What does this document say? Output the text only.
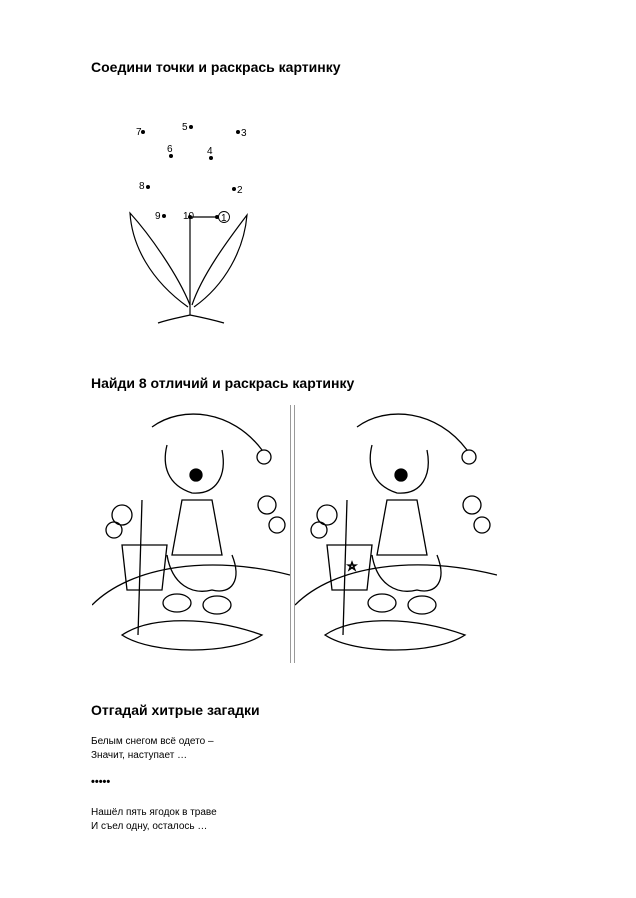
Соедини точки и раскрась картинку
1
2
3
4
5
6
7
8
9 10
Найди 8 отличий и раскрась картинку
Отгадай хитрые загадки
Белым снегом всё одето –
Значит, наступает …
•••••
Нашёл пять ягодок в траве
И съел одну, осталось …
